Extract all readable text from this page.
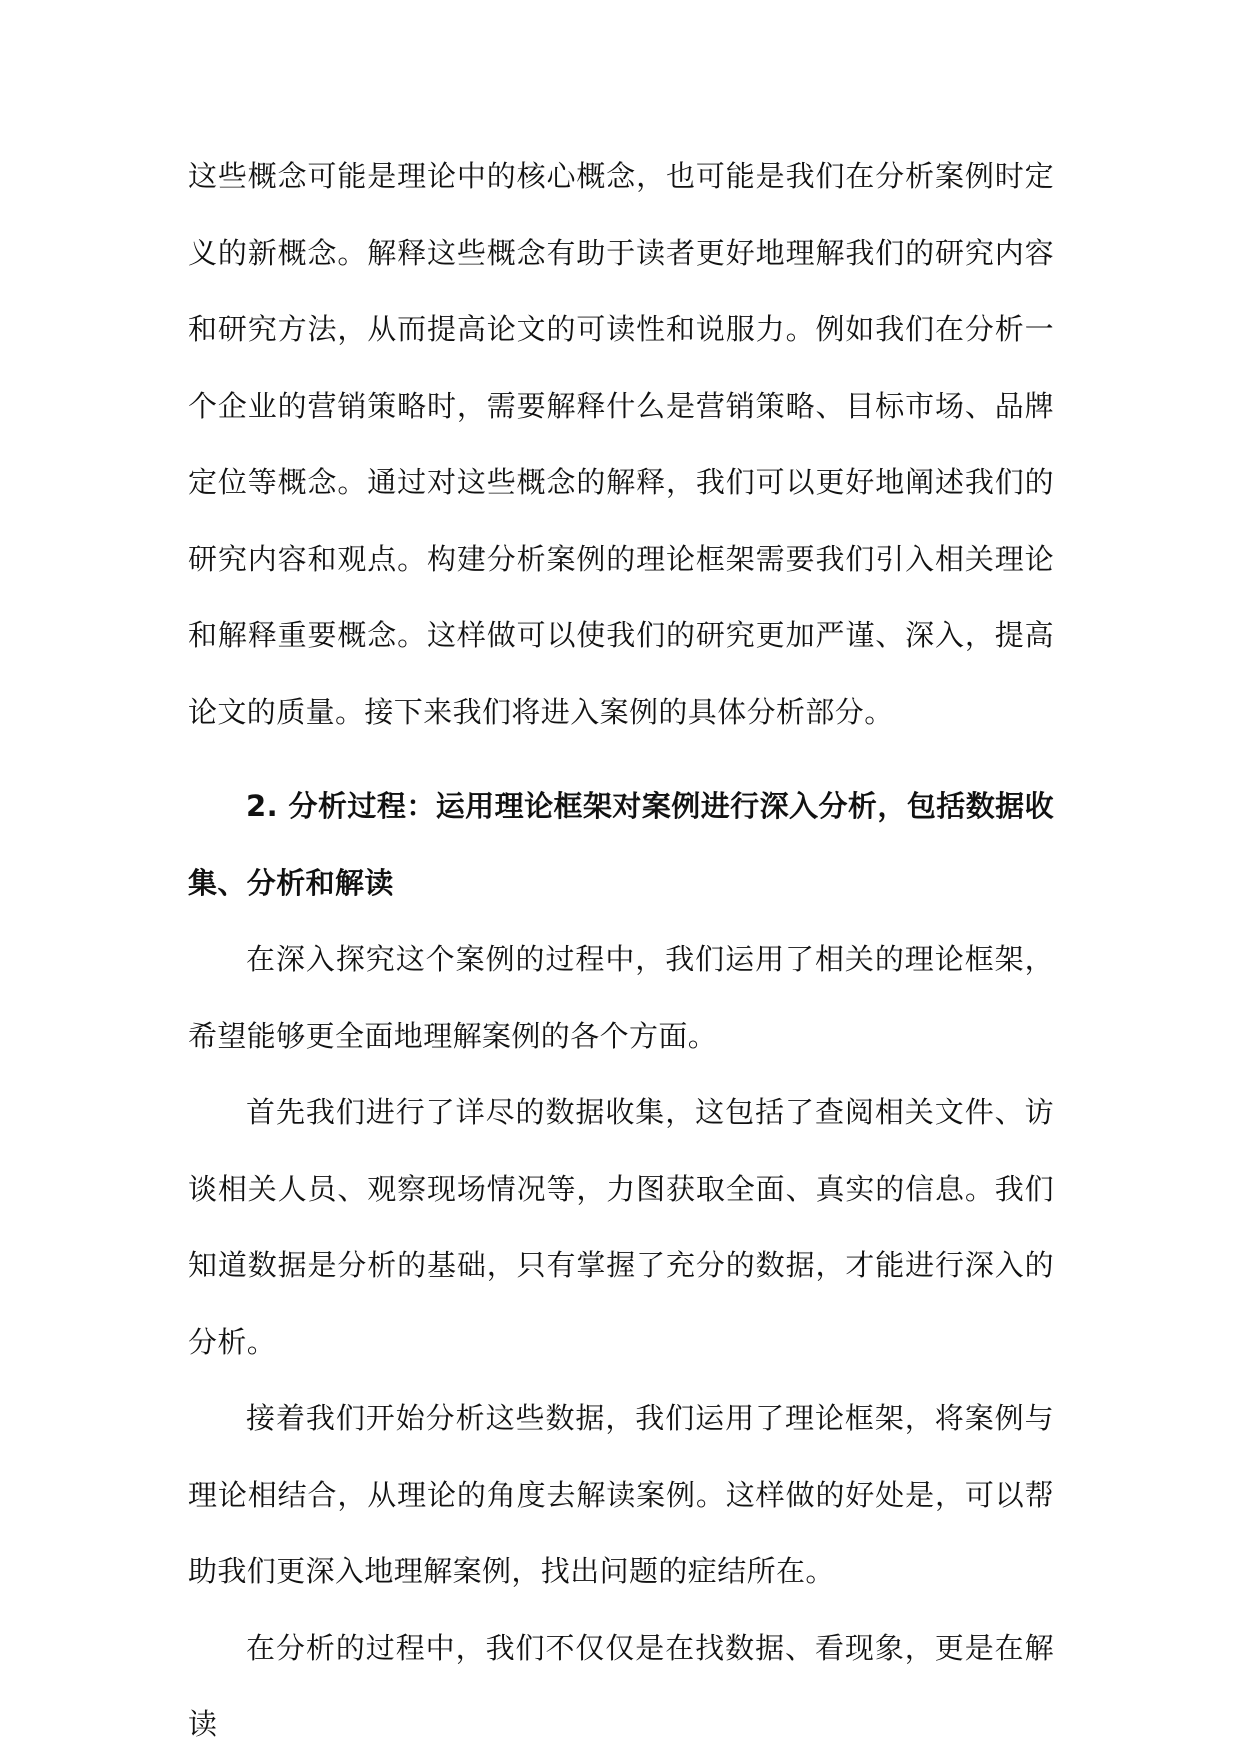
这些概念可能是理论中的核心概念，也可能是我们在分析案例时定义的新概念。解释这些概念有助于读者更好地理解我们的研究内容和研究方法，从而提高论文的可读性和说服力。例如我们在分析一个企业的营销策略时，需要解释什么是营销策略、目标市场、品牌定位等概念。通过对这些概念的解释，我们可以更好地阐述我们的研究内容和观点。构建分析案例的理论框架需要我们引入相关理论和解释重要概念。这样做可以使我们的研究更加严谨、深入，提高论文的质量。接下来我们将进入案例的具体分析部分。

2. 分析过程：运用理论框架对案例进行深入分析，包括数据收集、分析和解读

在深入探究这个案例的过程中，我们运用了相关的理论框架，希望能够更全面地理解案例的各个方面。

首先我们进行了详尽的数据收集，这包括了查阅相关文件、访谈相关人员、观察现场情况等，力图获取全面、真实的信息。我们知道数据是分析的基础，只有掌握了充分的数据，才能进行深入的分析。

接着我们开始分析这些数据，我们运用了理论框架，将案例与理论相结合，从理论的角度去解读案例。这样做的好处是，可以帮助我们更深入地理解案例，找出问题的症结所在。

在分析的过程中，我们不仅仅是在找数据、看现象，更是在解读
